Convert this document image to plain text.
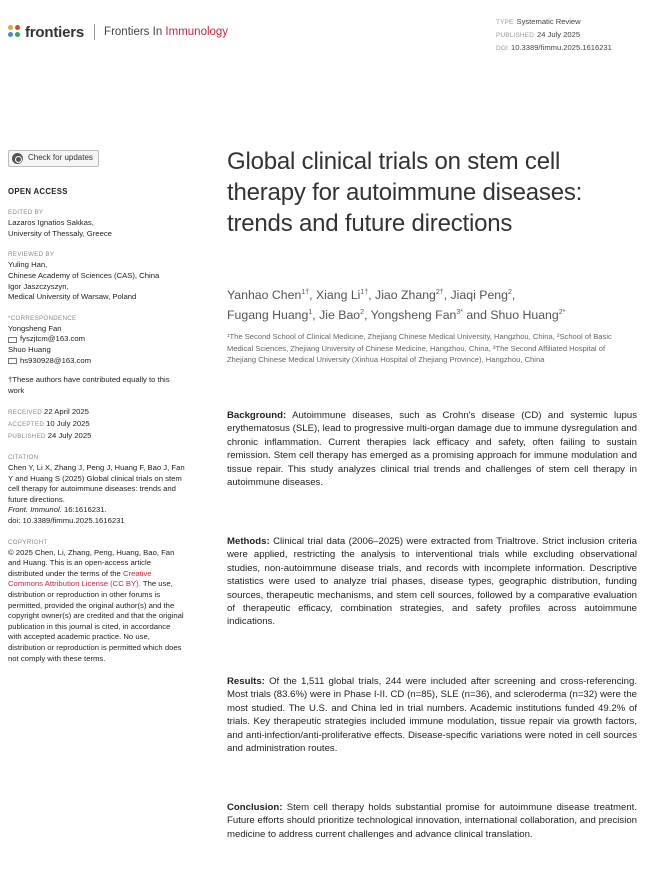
frontiers Frontiers In Immunology
TYPE Systematic Review
PUBLISHED 24 July 2025
DOI 10.3389/fimmu.2025.1616231
Check for updates
OPEN ACCESS
EDITED BY
Lazaros Ignatios Sakkas,
University of Thessaly, Greece
REVIEWED BY
Yuling Han,
Chinese Academy of Sciences (CAS), China
Igor Jaszczyszyn,
Medical University of Warsaw, Poland
*CORRESPONDENCE
Yongsheng Fan
fyszjtcm@163.com
Shuo Huang
hs930928@163.com
†These authors have contributed equally to this work
RECEIVED 22 April 2025
ACCEPTED 10 July 2025
PUBLISHED 24 July 2025
CITATION
Chen Y, Li X, Zhang J, Peng J, Huang F, Bao J, Fan Y and Huang S (2025) Global clinical trials on stem cell therapy for autoimmune diseases: trends and future directions.
Front. Immunol. 16:1616231.
doi: 10.3389/fimmu.2025.1616231
COPYRIGHT
© 2025 Chen, Li, Zhang, Peng, Huang, Bao, Fan and Huang. This is an open-access article distributed under the terms of the Creative Commons Attribution License (CC BY). The use, distribution or reproduction in other forums is permitted, provided the original author(s) and the copyright owner(s) are credited and that the original publication in this journal is cited, in accordance with accepted academic practice. No use, distribution or reproduction is permitted which does not comply with these terms.
Global clinical trials on stem cell therapy for autoimmune diseases: trends and future directions
Yanhao Chen$^{1\dagger}$, Xiang $Li^{1\dagger}$, Jiao Zhang$^{2\dagger}$, Jiaqi Peng$^2$,
Fugang Huang$^1$, Jie Bao$^2$, Yongsheng Fan$^{3*}$ and Shuo Huang$^{2*}$
¹The Second School of Clinical Medicine, Zhejiang Chinese Medical University, Hangzhou, China, ²School of Basic Medical Sciences, Zhejiang University of Chinese Medicine, Hangzhou, China, ³The Second Affiliated Hospital of Zhejiang Chinese Medical University (Xinhua Hospital of Zhejiang Province), Hangzhou, China

Background: Autoimmune diseases, such as Crohn's disease (CD) and systemic lupus erythematosus (SLE), lead to progressive multi-organ damage due to immune dysregulation and chronic inflammation. Current therapies lack efficacy and safety, often failing to sustain remission. Stem cell therapy has emerged as a promising approach for immune modulation and tissue repair. This study analyzes clinical trial trends and challenges of stem cell therapy in autoimmune diseases.

Methods: Clinical trial data (2006–2025) were extracted from Trialtrove. Strict inclusion criteria were applied, restricting the analysis to interventional trials while excluding observational studies, non-autoimmune disease trials, and records with incomplete information. Descriptive statistics were used to analyze trial phases, disease types, geographic distribution, funding sources, therapeutic mechanisms, and stem cell sources, followed by a comparative evaluation of therapeutic efficacy, combination strategies, and safety profiles across autoimmune indications.

Results: Of the 1,511 global trials, 244 were included after screening and cross-referencing. Most trials (83.6%) were in Phase I-II. CD (n=85), SLE (n=36), and scleroderma (n=32) were the most studied. The U.S. and China led in trial numbers. Academic institutions funded 49.2% of trials. Key therapeutic strategies included immune modulation, tissue repair via growth factors, and anti-infection/anti-proliferative effects. Disease-specific variations were noted in cell sources and administration routes.

Conclusion: Stem cell therapy holds substantial promise for autoimmune disease treatment. Future efforts should prioritize technological innovation, international collaboration, and precision medicine to address current challenges and advance clinical translation.
